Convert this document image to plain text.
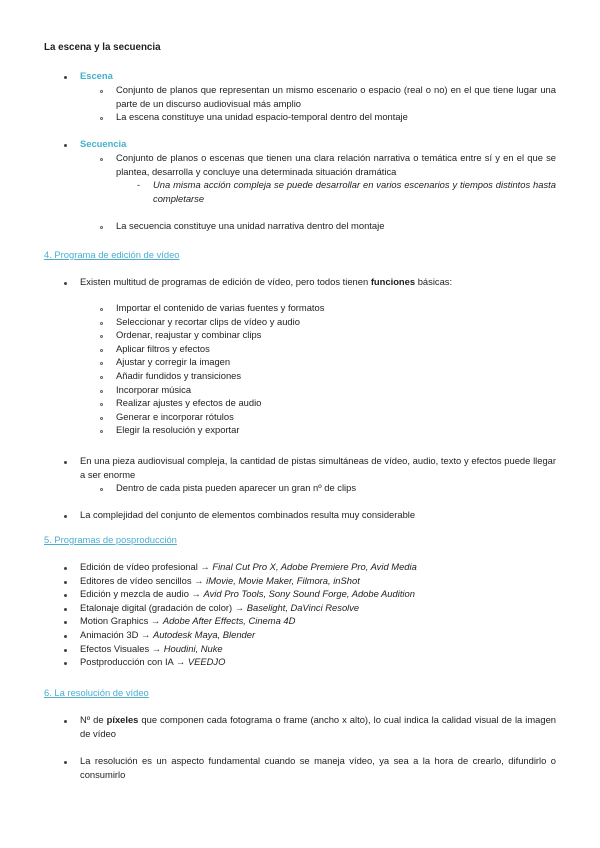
La escena y la secuencia
Escena
Conjunto de planos que representan un mismo escenario o espacio (real o no) en el que tiene lugar una parte de un discurso audiovisual más amplio
La escena constituye una unidad espacio-temporal dentro del montaje
Secuencia
Conjunto de planos o escenas que tienen una clara relación narrativa o temática entre sí y en el que se plantea, desarrolla y concluye una determinada situación dramática
- Una misma acción compleja se puede desarrollar en varios escenarios y tiempos distintos hasta completarse
La secuencia constituye una unidad narrativa dentro del montaje
4. Programa de edición de vídeo
Existen multitud de programas de edición de vídeo, pero todos tienen funciones básicas:
Importar el contenido de varias fuentes y formatos
Seleccionar y recortar clips de vídeo y audio
Ordenar, reajustar y combinar clips
Aplicar filtros y efectos
Ajustar y corregir la imagen
Añadir fundidos y transiciones
Incorporar música
Realizar ajustes y efectos de audio
Generar e incorporar rótulos
Elegir la resolución y exportar
En una pieza audiovisual compleja, la cantidad de pistas simultáneas de vídeo, audio, texto y efectos puede llegar a ser enorme
Dentro de cada pista pueden aparecer un gran nº de clips
La complejidad del conjunto de elementos combinados resulta muy considerable
5. Programas de posproducción
Edición de vídeo profesional → Final Cut Pro X, Adobe Premiere Pro, Avid Media
Editores de vídeo sencillos → iMovie, Movie Maker, Filmora, inShot
Edición y mezcla de audio → Avid Pro Tools, Sony Sound Forge, Adobe Audition
Etalonaje digital (gradación de color) → Baselight, DaVinci Resolve
Motion Graphics → Adobe After Effects, Cinema 4D
Animación 3D → Autodesk Maya, Blender
Efectos Visuales → Houdini, Nuke
Postproducción con IA → VEEDJO
6. La resolución de vídeo
Nº de píxeles que componen cada fotograma o frame (ancho x alto), lo cual indica la calidad visual de la imagen de vídeo
La resolución es un aspecto fundamental cuando se maneja vídeo, ya sea a la hora de crearlo, difundirlo o consumirlo
